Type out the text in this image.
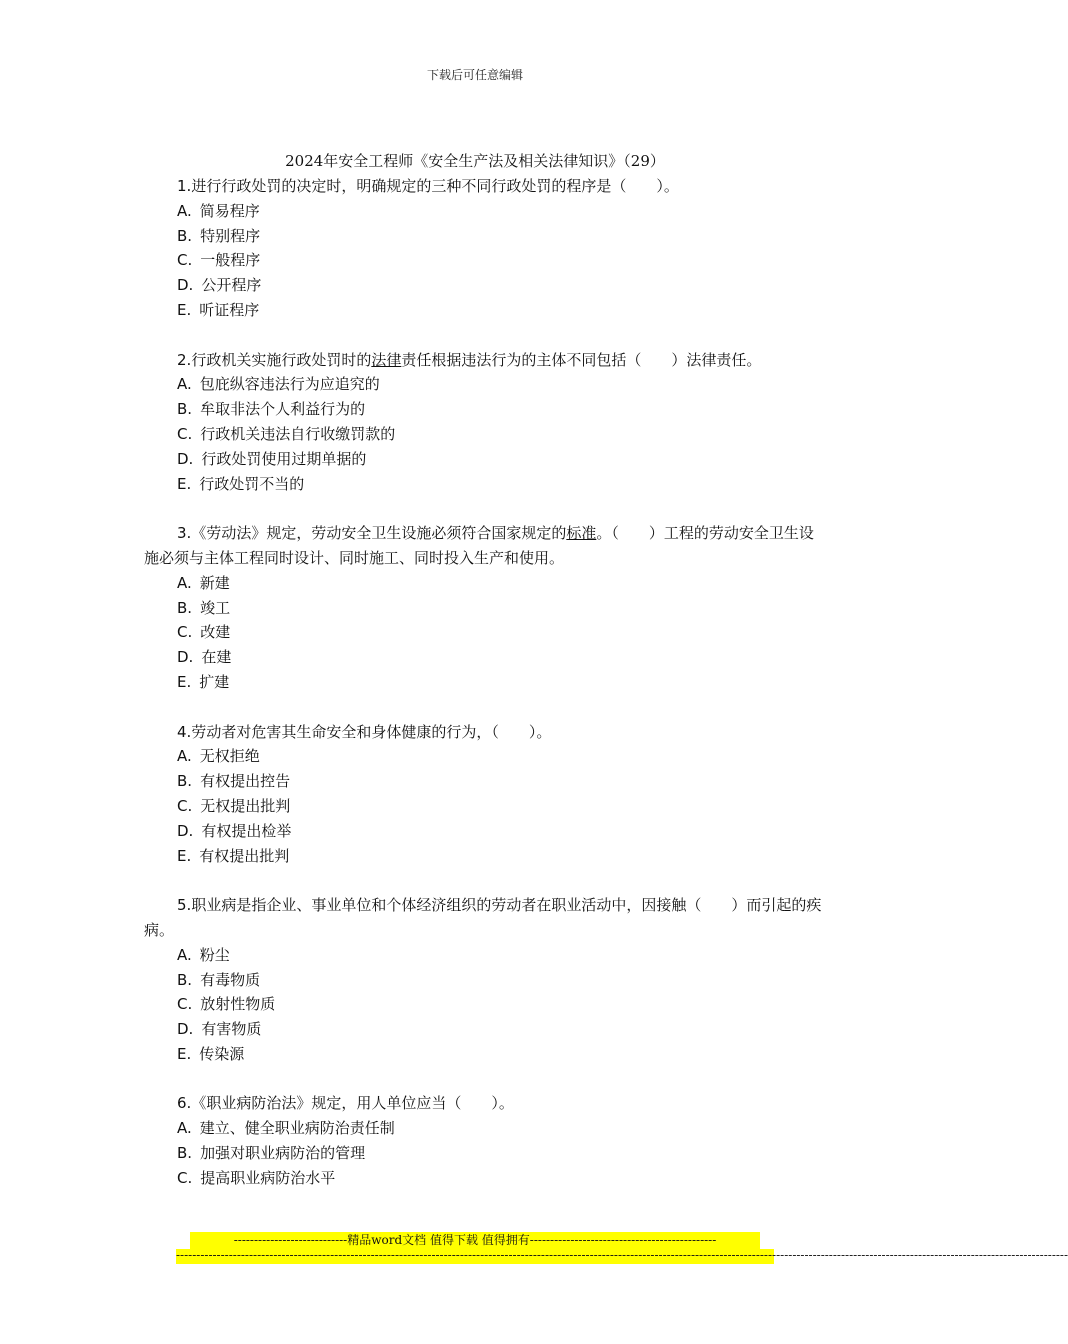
下载后可任意编辑
2024年安全工程师《安全生产法及相关法律知识》（29）

1.进行行政处罚的决定时，明确规定的三种不同行政处罚的程序是（　　）。

A. 简易程序

B. 特别程序

C. 一般程序

D. 公开程序

E. 听证程序

2.行政机关实施行政处罚时的法律责任根据违法行为的主体不同包括（　　）法律责任。

A. 包庇纵容违法行为应追究的

B. 牟取非法个人利益行为的

C. 行政机关违法自行收缴罚款的

D. 行政处罚使用过期单据的

E. 行政处罚不当的

3.《劳动法》规定，劳动安全卫生设施必须符合国家规定的标准。（　　）工程的劳动安全卫生设施必须与主体工程同时设计、同时施工、同时投入生产和使用。

A. 新建

B. 竣工

C. 改建

D. 在建

E. 扩建

4.劳动者对危害其生命安全和身体健康的行为，（　　）。

A. 无权拒绝

B. 有权提出控告

C. 无权提出批判

D. 有权提出检举

E. 有权提出批判

5.职业病是指企业、事业单位和个体经济组织的劳动者在职业活动中，因接触（　　）而引起的疾病。

A. 粉尘

B. 有毒物质

C. 放射性物质

D. 有害物质

E. 传染源

6.《职业病防治法》规定，用人单位应当（　　）。

A. 建立、健全职业病防治责任制

B. 加强对职业病防治的管理

C. 提高职业病防治水平

----------------------------精品word文档 值得下载 值得拥有----------------------------------------------
----------------------------------------------------------------------------------------------------------------------------------------------------------------------------------------------------------------------------
